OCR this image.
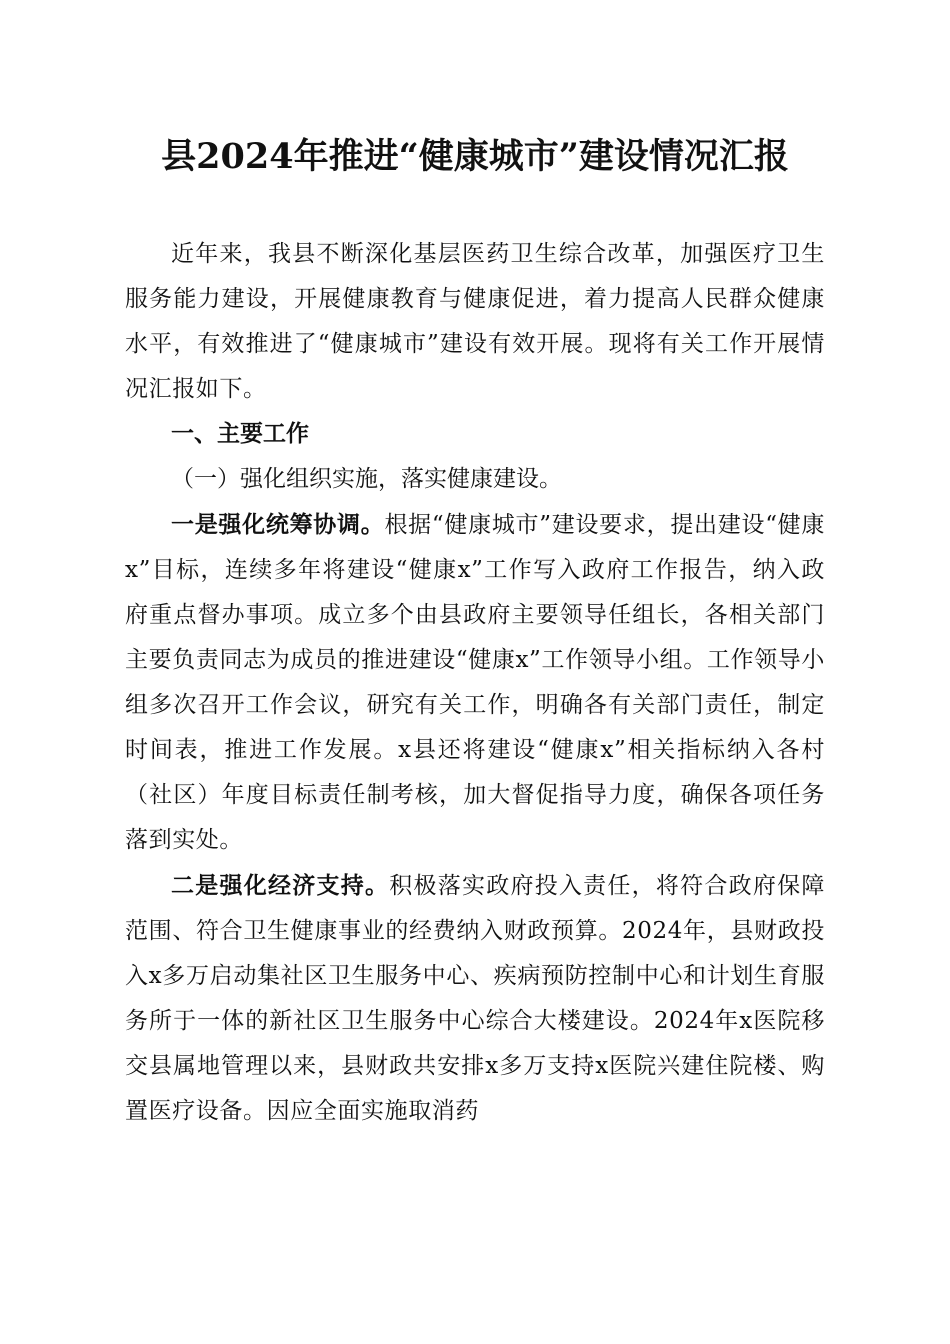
县2024年推进“健康城市”建设情况汇报

近年来，我县不断深化基层医药卫生综合改革，加强医疗卫生服务能力建设，开展健康教育与健康促进，着力提高人民群众健康水平，有效推进了“健康城市”建设有效开展。现将有关工作开展情况汇报如下。

一、主要工作

（一）强化组织实施，落实健康建设。

一是强化统筹协调。根据“健康城市”建设要求，提出建设“健康x”目标，连续多年将建设“健康x”工作写入政府工作报告，纳入政府重点督办事项。成立多个由县政府主要领导任组长，各相关部门主要负责同志为成员的推进建设“健康x”工作领导小组。工作领导小组多次召开工作会议，研究有关工作，明确各有关部门责任，制定时间表，推进工作发展。x县还将建设“健康x”相关指标纳入各村（社区）年度目标责任制考核，加大督促指导力度，确保各项任务落到实处。

二是强化经济支持。积极落实政府投入责任，将符合政府保障范围、符合卫生健康事业的经费纳入财政预算。2024年，县财政投入x多万启动集社区卫生服务中心、疾病预防控制中心和计划生育服务所于一体的新社区卫生服务中心综合大楼建设。2024年x医院移交县属地管理以来，县财政共安排x多万支持x医院兴建住院楼、购置医疗设备。因应全面实施取消药
